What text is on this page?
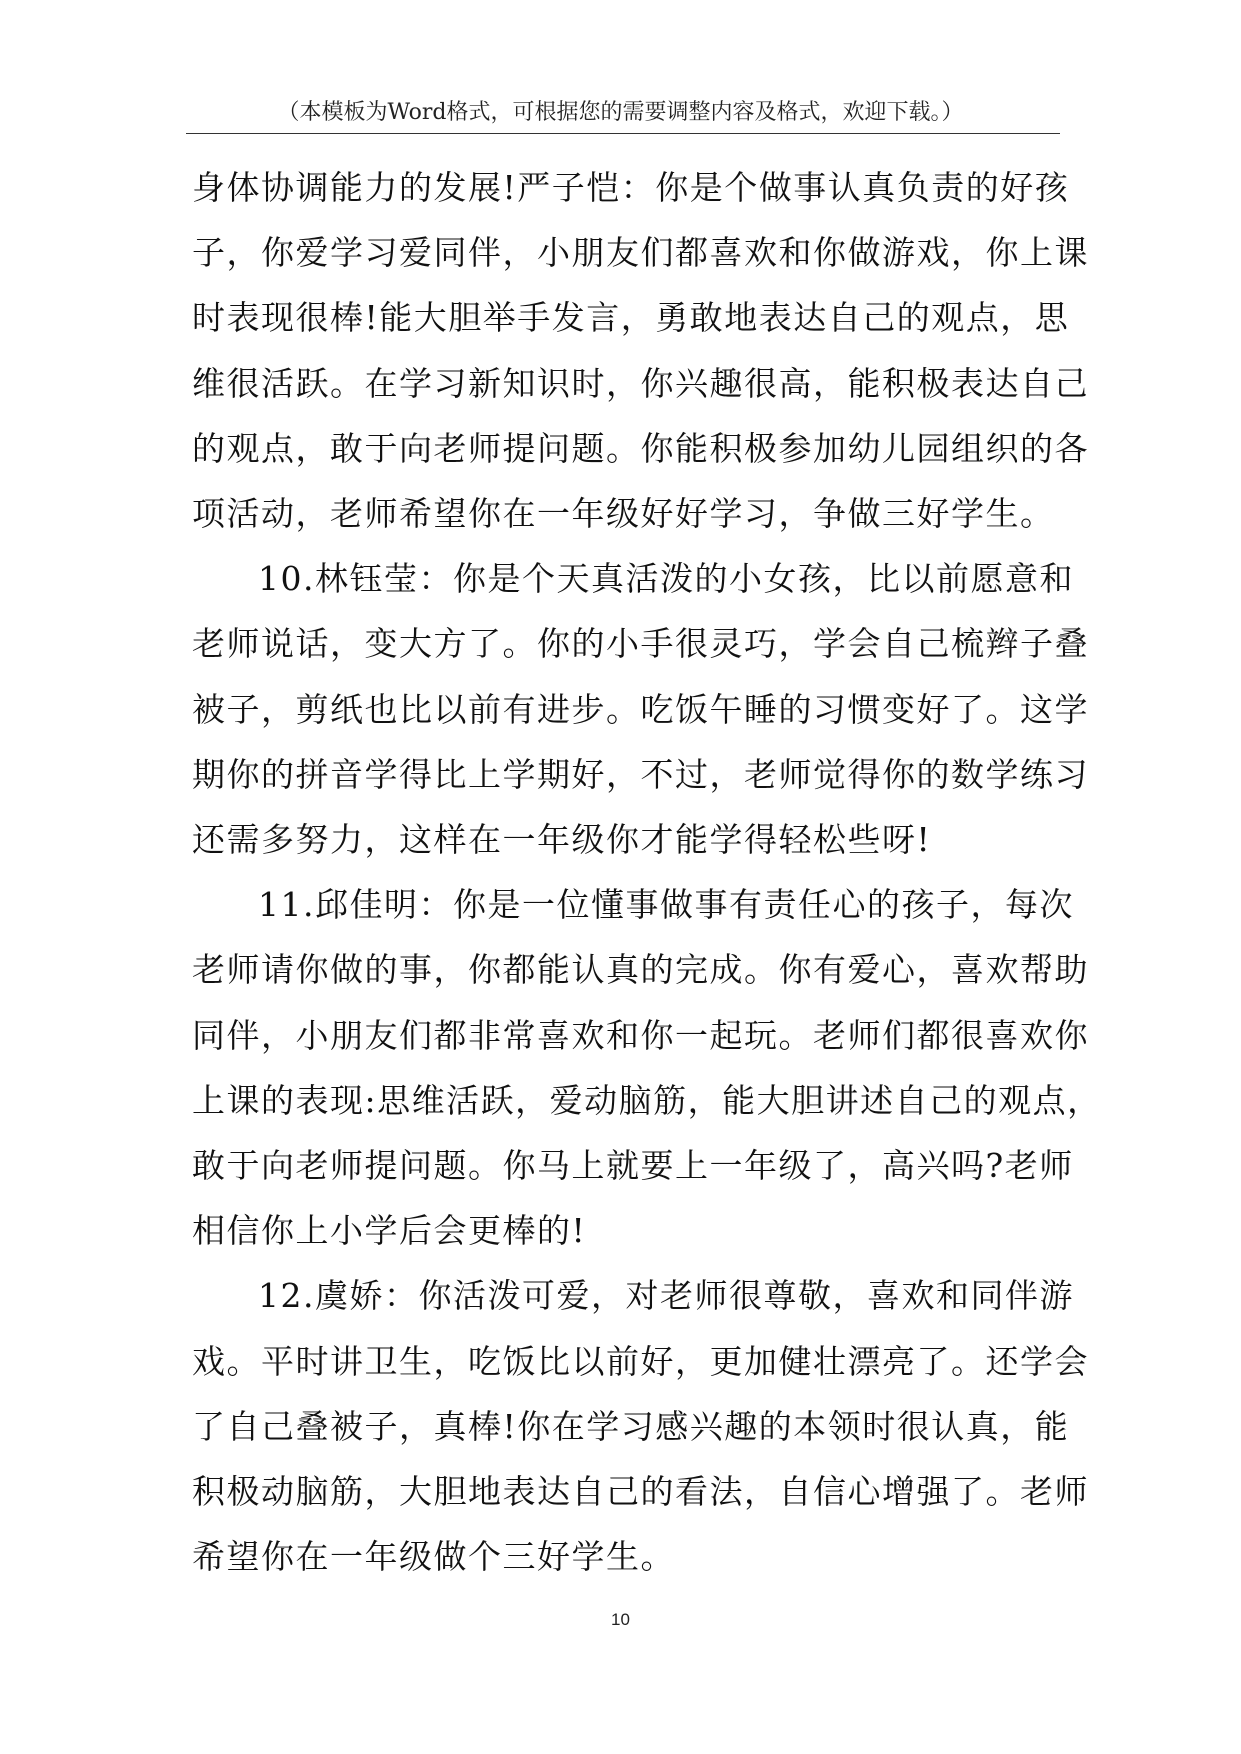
（本模板为Word格式，可根据您的需要调整内容及格式，欢迎下载。）

身体协调能力的发展!严子恺：你是个做事认真负责的好孩
子，你爱学习爱同伴，小朋友们都喜欢和你做游戏，你上课
时表现很棒!能大胆举手发言，勇敢地表达自己的观点，思
维很活跃。在学习新知识时，你兴趣很高，能积极表达自己
的观点，敢于向老师提问题。你能积极参加幼儿园组织的各
项活动，老师希望你在一年级好好学习，争做三好学生。

10.林钰莹：你是个天真活泼的小女孩，比以前愿意和
老师说话，变大方了。你的小手很灵巧，学会自己梳辫子叠
被子，剪纸也比以前有进步。吃饭午睡的习惯变好了。这学
期你的拼音学得比上学期好，不过，老师觉得你的数学练习
还需多努力，这样在一年级你才能学得轻松些呀!

11.邱佳明：你是一位懂事做事有责任心的孩子，每次
老师请你做的事，你都能认真的完成。你有爱心，喜欢帮助
同伴，小朋友们都非常喜欢和你一起玩。老师们都很喜欢你
上课的表现:思维活跃，爱动脑筋，能大胆讲述自己的观点，
敢于向老师提问题。你马上就要上一年级了，高兴吗?老师
相信你上小学后会更棒的!

12.虞娇：你活泼可爱，对老师很尊敬，喜欢和同伴游
戏。平时讲卫生，吃饭比以前好，更加健壮漂亮了。还学会
了自己叠被子，真棒!你在学习感兴趣的本领时很认真，能
积极动脑筋，大胆地表达自己的看法，自信心增强了。老师
希望你在一年级做个三好学生。

10
